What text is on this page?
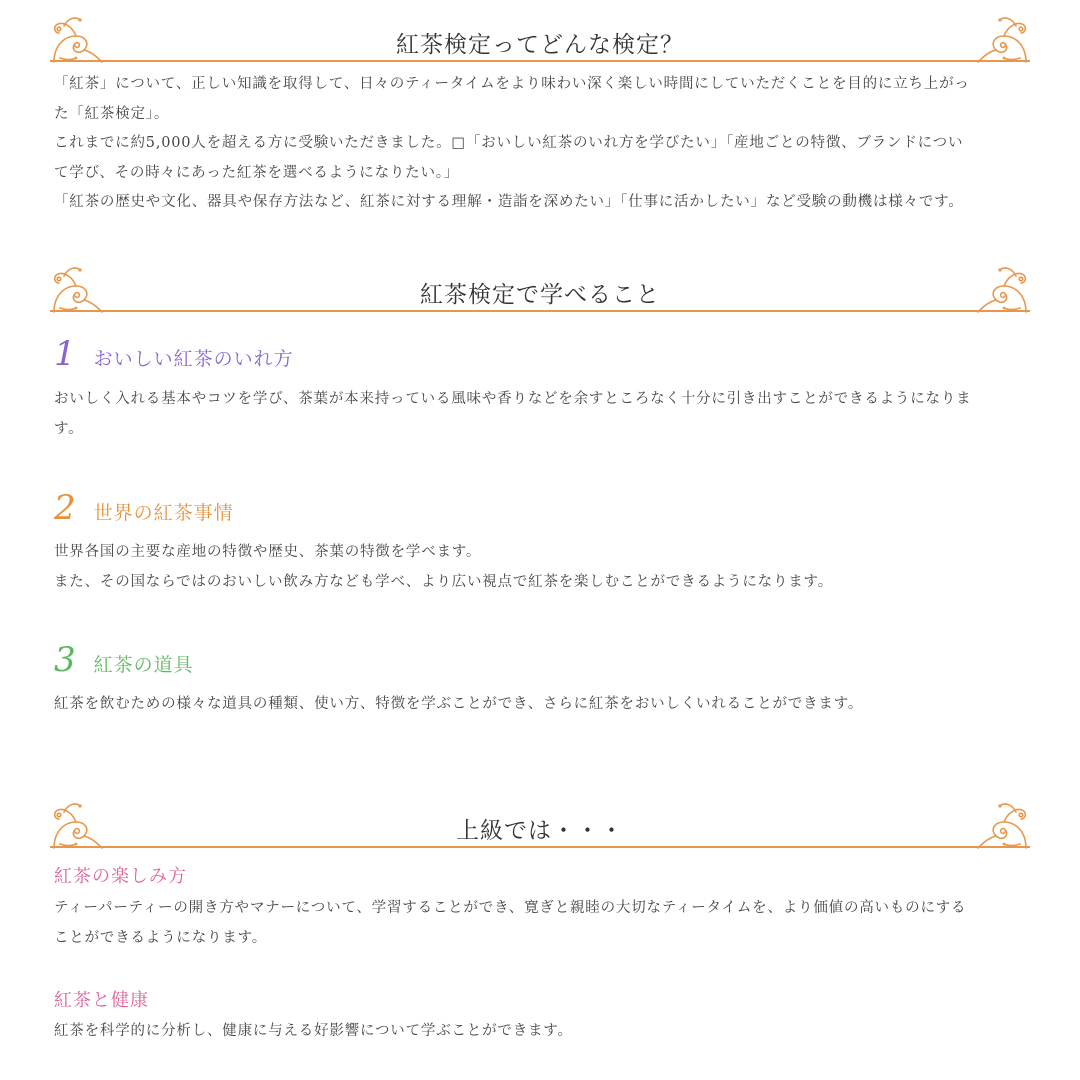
紅茶検定ってどんな検定？
「紅茶」について、正しい知識を取得して、日々のティータイムをより味わい深く楽しい時間にしていただくことを目的に立ち上がっ
た「紅茶検定」。
これまでに約5,000人を超える方に受験いただきました。□「おいしい紅茶のいれ方を学びたい」「産地ごとの特徴、ブランドについ
て学び、その時々にあった紅茶を選べるようになりたい。」
「紅茶の歴史や文化、器具や保存方法など、紅茶に対する理解・造詣を深めたい」「仕事に活かしたい」など受験の動機は様々です。
紅茶検定で学べること
1 おいしい紅茶のいれ方
おいしく入れる基本やコツを学び、茶葉が本来持っている風味や香りなどを余すところなく十分に引き出すことができるようになりま
す。
2 世界の紅茶事情
世界各国の主要な産地の特徴や歴史、茶葉の特徴を学べます。
また、その国ならではのおいしい飲み方なども学べ、より広い視点で紅茶を楽しむことができるようになります。
3 紅茶の道具
紅茶を飲むための様々な道具の種類、使い方、特徴を学ぶことができ、さらに紅茶をおいしくいれることができます。
上級では・・・
紅茶の楽しみ方
ティーパーティーの開き方やマナーについて、学習することができ、寛ぎと親睦の大切なティータイムを、より価値の高いものにする
ことができるようになります。
紅茶と健康
紅茶を科学的に分析し、健康に与える好影響について学ぶことができます。
